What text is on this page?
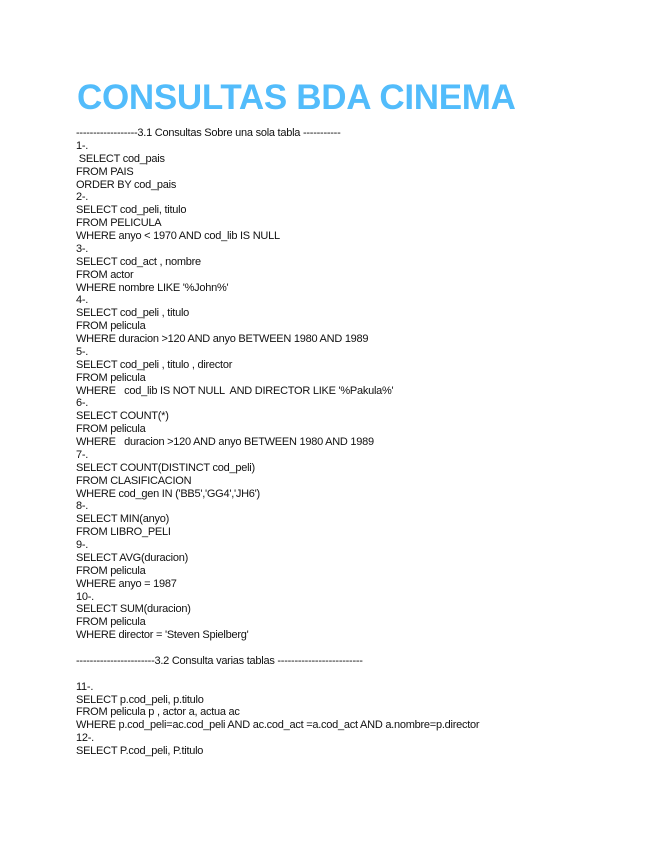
CONSULTAS BDA CINEMA
------------------3.1 Consultas Sobre una sola tabla -----------
1-.
SELECT cod_pais
FROM PAIS
ORDER BY cod_pais
2-.
SELECT cod_peli, titulo
FROM PELICULA
WHERE anyo < 1970 AND cod_lib IS NULL
3-.
SELECT cod_act , nombre
FROM actor
WHERE nombre LIKE '%John%'
4-.
SELECT cod_peli , titulo
FROM pelicula
WHERE duracion >120 AND anyo BETWEEN 1980 AND 1989
5-.
SELECT cod_peli , titulo , director
FROM pelicula
WHERE   cod_lib IS NOT NULL  AND DIRECTOR LIKE '%Pakula%'
6-.
SELECT COUNT(*)
FROM pelicula
WHERE   duracion >120 AND anyo BETWEEN 1980 AND 1989
7-.
SELECT COUNT(DISTINCT cod_peli)
FROM CLASIFICACION
WHERE cod_gen IN ('BB5','GG4','JH6')
8-.
SELECT MIN(anyo)
FROM LIBRO_PELI
9-.
SELECT AVG(duracion)
FROM pelicula
WHERE anyo = 1987
10-.
SELECT SUM(duracion)
FROM pelicula
WHERE director = 'Steven Spielberg'
-----------------------3.2 Consulta varias tablas -------------------------
11-.
SELECT p.cod_peli, p.titulo
FROM pelicula p , actor a, actua ac
WHERE p.cod_peli=ac.cod_peli AND ac.cod_act =a.cod_act AND a.nombre=p.director
12-.
SELECT P.cod_peli, P.titulo
